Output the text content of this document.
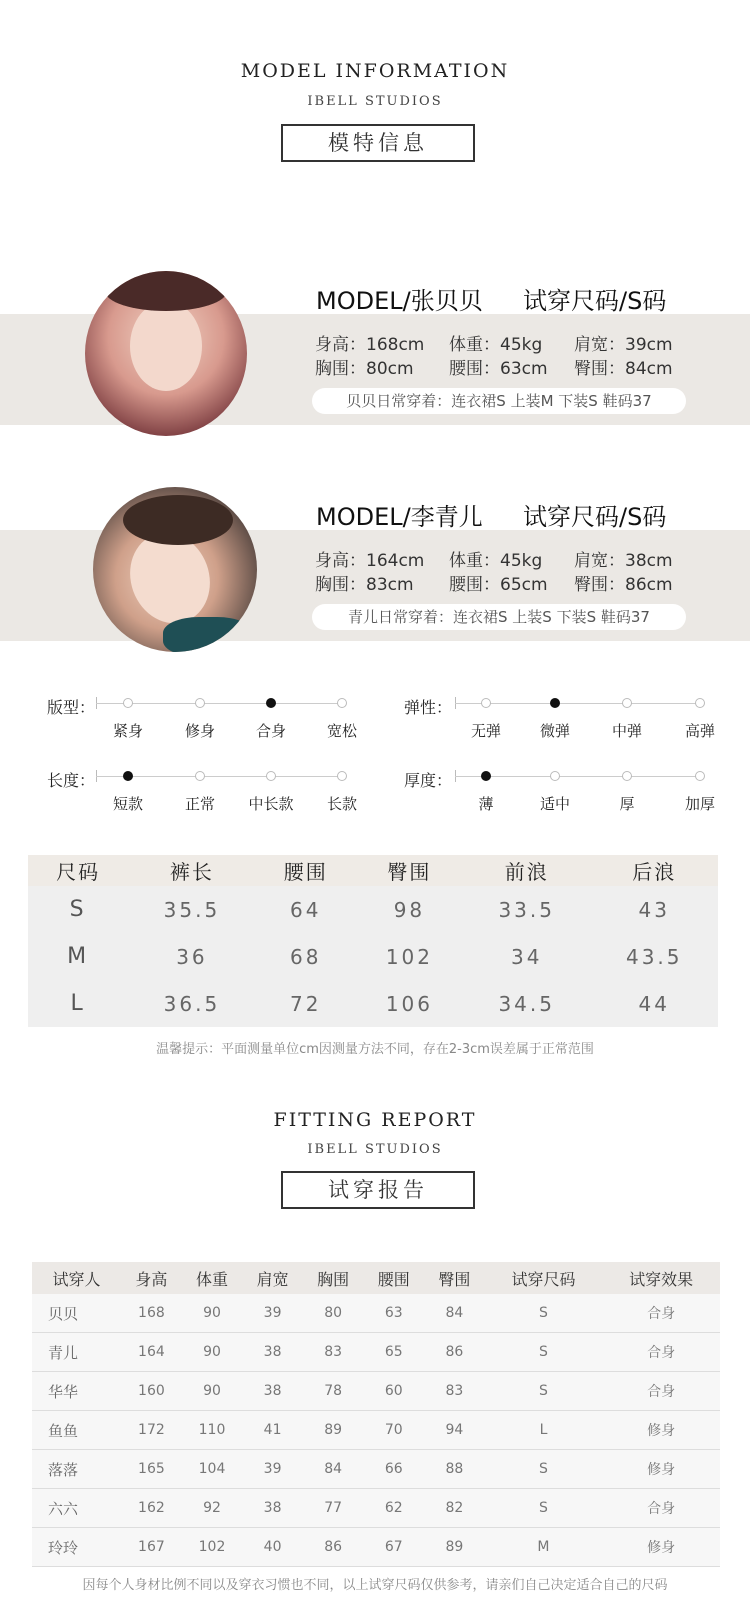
MODEL INFORMATION
IBELL STUDIOS
模特信息
MODEL/张贝贝 试穿尺码/S码
身高：168cm 体重：45kg 肩宽：39cm
胸围：80cm 腰围：63cm 臀围：84cm
贝贝日常穿着：连衣裙S 上装M 下装S 鞋码37
MODEL/李青儿 试穿尺码/S码
身高：164cm 体重：45kg 肩宽：38cm
胸围：83cm 腰围：65cm 臀围：86cm
青儿日常穿着：连衣裙S 上装S 下装S 鞋码37
版型：
紧身	修身	合身	宽松
弹性：
无弹	微弹	中弹	高弹
长度：
短款	正常	中长款	长款
厚度：
薄	适中	厚	加厚
尺码	裤长	腰围	臀围	前浪	后浪
S	35.5	64	98	33.5	43
M	36	68	102	34	43.5
L	36.5	72	106	34.5	44
温馨提示：平面测量单位cm因测量方法不同，存在2-3cm误差属于正常范围
FITTING REPORT
IBELL STUDIOS
试穿报告
试穿人	身高	体重	肩宽	胸围	腰围	臀围	试穿尺码	试穿效果
贝贝	168	90	39	80	63	84	S	合身
青儿	164	90	38	83	65	86	S	合身
华华	160	90	38	78	60	83	S	合身
鱼鱼	172	110	41	89	70	94	L	修身
落落	165	104	39	84	66	88	S	修身
六六	162	92	38	77	62	82	S	合身
玲玲	167	102	40	86	67	89	M	修身
因每个人身材比例不同以及穿衣习惯也不同，以上试穿尺码仅供参考，请亲们自己决定适合自己的尺码
